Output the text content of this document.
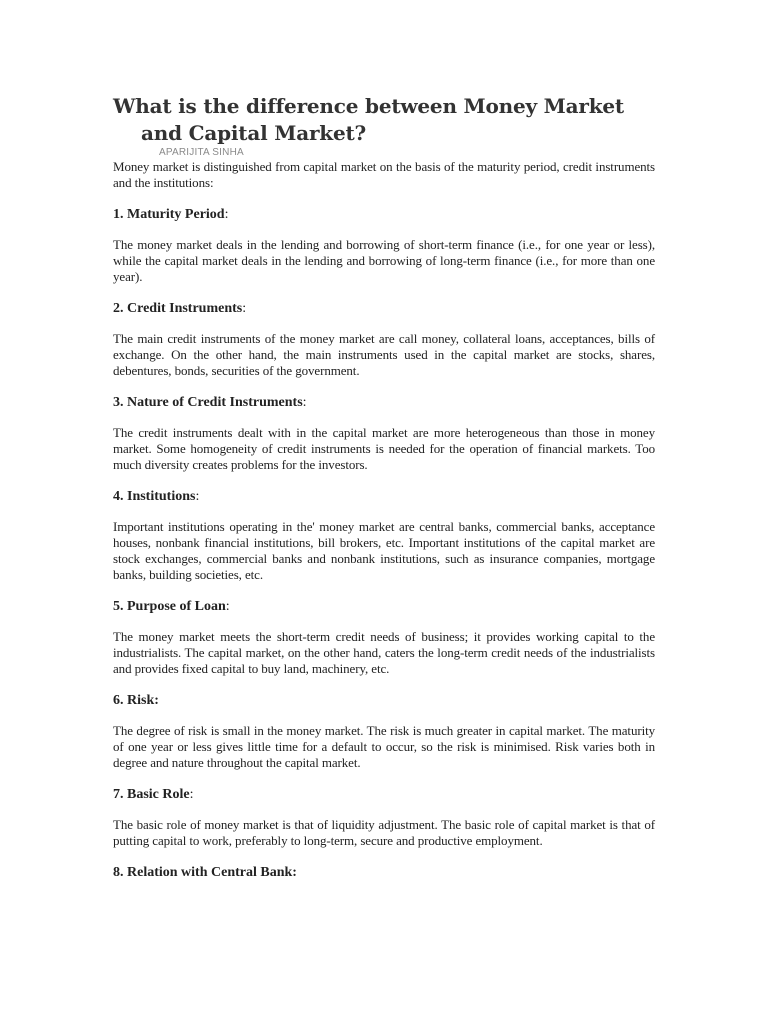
What is the difference between Money Market and Capital Market?
APARIJITA SINHA

Money market is distinguished from capital market on the basis of the maturity period, credit instruments and the institutions:

1. Maturity Period:

The money market deals in the lending and borrowing of short-term finance (i.e., for one year or less), while the capital market deals in the lending and borrowing of long-term finance (i.e., for more than one year).

2. Credit Instruments:

The main credit instruments of the money market are call money, collateral loans, acceptances, bills of exchange. On the other hand, the main instruments used in the capital market are stocks, shares, debentures, bonds, securities of the government.

3. Nature of Credit Instruments:

The credit instruments dealt with in the capital market are more heterogeneous than those in money market. Some homogeneity of credit instruments is needed for the operation of financial markets. Too much diversity creates problems for the investors.

4. Institutions:

Important institutions operating in the' money market are central banks, commercial banks, acceptance houses, nonbank financial institutions, bill brokers, etc. Important institutions of the capital market are stock exchanges, commercial banks and nonbank institutions, such as insurance companies, mortgage banks, building societies, etc.

5. Purpose of Loan:

The money market meets the short-term credit needs of business; it provides working capital to the industrialists. The capital market, on the other hand, caters the long-term credit needs of the industrialists and provides fixed capital to buy land, machinery, etc.

6. Risk:

The degree of risk is small in the money market. The risk is much greater in capital market. The maturity of one year or less gives little time for a default to occur, so the risk is minimised. Risk varies both in degree and nature throughout the capital market.

7. Basic Role:

The basic role of money market is that of liquidity adjustment. The basic role of capital market is that of putting capital to work, preferably to long-term, secure and productive employment.

8. Relation with Central Bank:
